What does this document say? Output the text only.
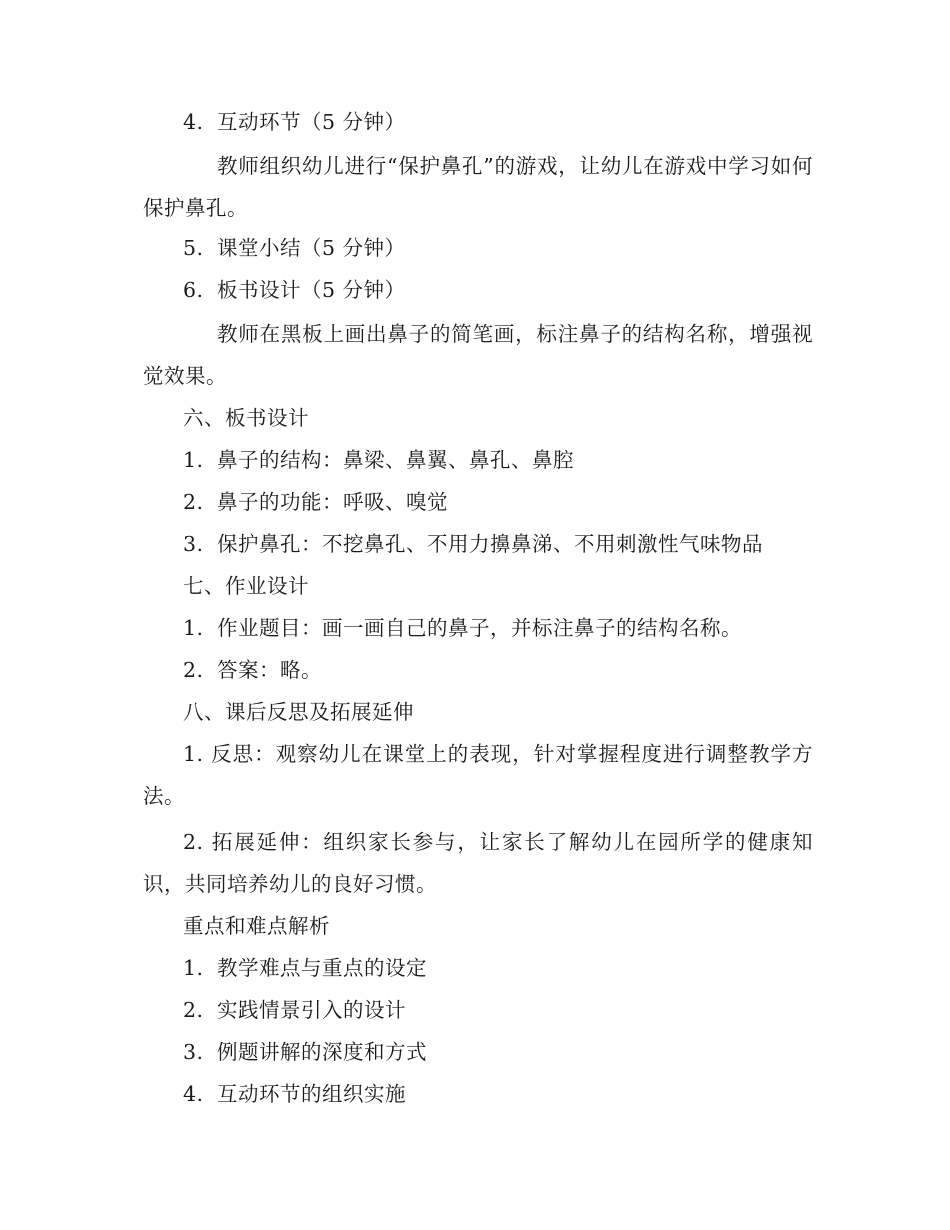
4. 互动环节（5 分钟）
教师组织幼儿进行“保护鼻孔”的游戏，让幼儿在游戏中学习如何保护鼻孔。
5. 课堂小结（5 分钟）
6. 板书设计（5 分钟）
教师在黑板上画出鼻子的简笔画，标注鼻子的结构名称，增强视觉效果。
六、板书设计
1. 鼻子的结构：鼻梁、鼻翼、鼻孔、鼻腔
2. 鼻子的功能：呼吸、嗅觉
3. 保护鼻孔：不挖鼻孔、不用力擤鼻涕、不用刺激性气味物品
七、作业设计
1. 作业题目：画一画自己的鼻子，并标注鼻子的结构名称。
2. 答案：略。
八、课后反思及拓展延伸
1. 反思：观察幼儿在课堂上的表现，针对掌握程度进行调整教学方法。
2. 拓展延伸：组织家长参与，让家长了解幼儿在园所学的健康知识，共同培养幼儿的良好习惯。
重点和难点解析
1. 教学难点与重点的设定
2. 实践情景引入的设计
3. 例题讲解的深度和方式
4. 互动环节的组织实施
